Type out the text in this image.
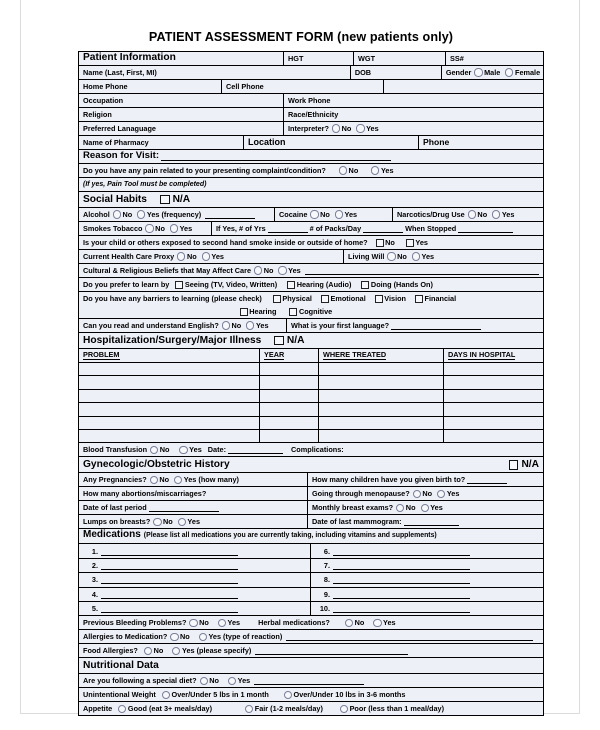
PATIENT ASSESSMENT FORM (new patients only)
Patient Information	HGT	WGT	SS#
Name (Last, First, MI)	DOB	Gender Male Female
Home Phone	Cell Phone
Occupation	Work Phone
Religion	Race/Ethnicity
Preferred Lanaguage	Interpreter? No Yes
Name of Pharmacy	Location	Phone
Reason for Visit:
Do you have any pain related to your presenting complaint/condition?	No	Yes
(If yes, Pain Tool must be completed)
Social Habits	N/A
Alcohol No Yes (frequency)	Cocaine No Yes	Narcotics/Drug Use No Yes
Smokes Tobacco No Yes	If Yes, # of Yrs	# of Packs/Day	When Stopped
Is your child or others exposed to second hand smoke inside or outside of home? No	Yes
Current Health Care Proxy No Yes	Living Will No Yes
Cultural & Religious Beliefs that May Affect Care No Yes
Do you prefer to learn by Seeing (TV, Video, Written)	Hearing (Audio)	Doing (Hands On)
Do you have any barriers to learning (please check)	Physical	Emotional	Vision	Financial
Hearing	Cognitive
Can you read and understand English? No Yes	What is your first language?
Hospitalization/Surgery/Major Illness	N/A
PROBLEM	YEAR	WHERE TREATED	DAYS IN HOSPITAL
Blood Transfusion No	Yes Date:	Complications:
Gynecologic/Obstetric History	N/A
Any Pregnancies? No Yes (how many)	How many children have you given birth to?
How many abortions/miscarriages?	Going through menopause? No Yes
Date of last period	Monthly breast exams? No Yes
Lumps on breasts? No Yes	Date of last mammogram:
Medications (Please list all medications you are currently taking, including vitamins and supplements)
1.	6.
2.	7.
3.	8.
4.	9.
5.	10.
Previous Bleeding Problems? No	Yes Herbal medications?	No	Yes
Allergies to Medication? No	Yes (type of reaction)
Food Allergies? No	Yes (please specify)
Nutritional Data
Are you following a special diet? No	Yes
Unintentional Weight Over/Under 5 lbs in 1 month	Over/Under 10 lbs in 3-6 months
Appetite Good (eat 3+ meals/day)	Fair (1-2 meals/day)	Poor (less than 1 meal/day)
